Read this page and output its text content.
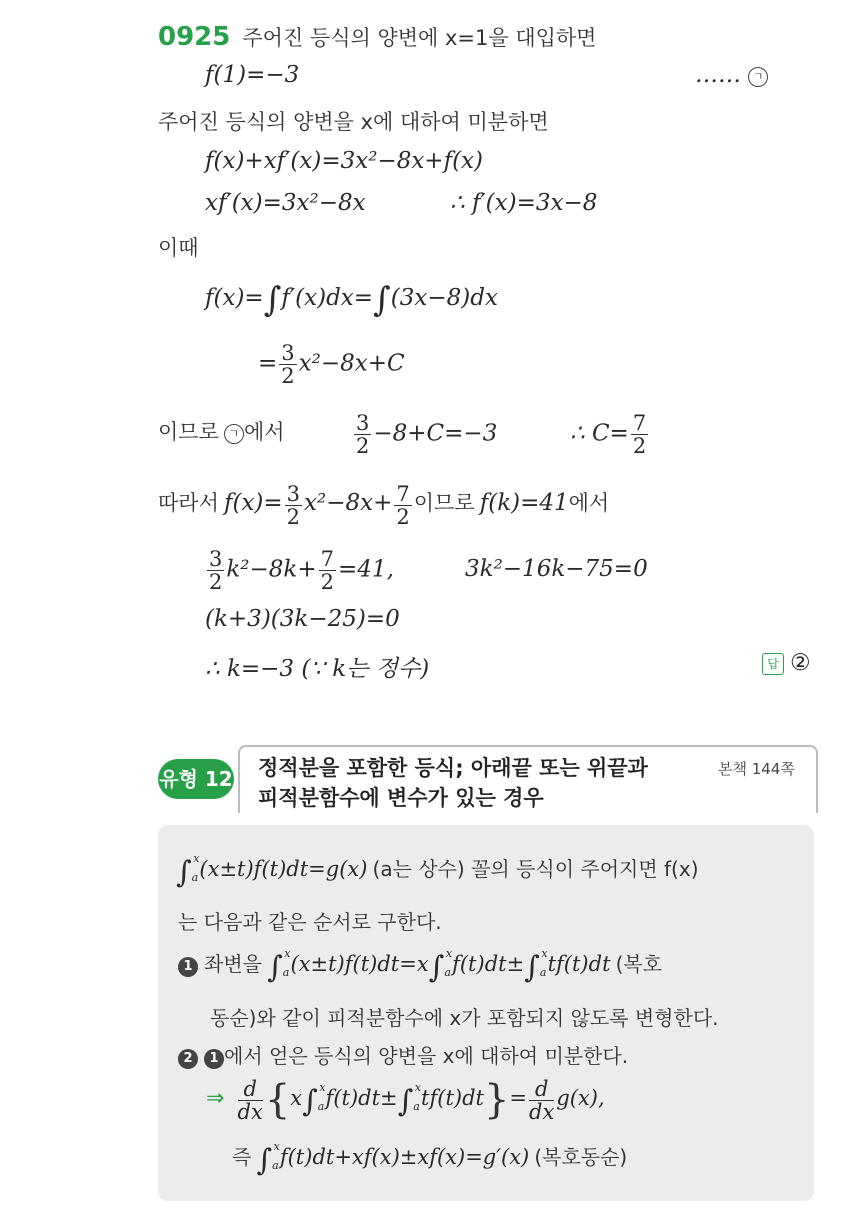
0925 주어진 등식의 양변에 x=1을 대입하면
f(1)=−3	…… ㄱ
주어진 등식의 양변을 x에 대하여 미분하면
f(x)+xf′(x)=3x²−8x+f(x)
xf′(x)=3x²−8x	∴ f′(x)=3x−8
이때
f(x)=∫f′(x)dx=∫(3x−8)dx
= $\frac{3}{2} x^2-8x+C$
이므로 ㄱ 에서	$\frac{3}{2} -8+C=-3$	∴ $C= \frac{7}{2}$
따라서 $f(x)= \frac{3}{2} x^2-8x+ \frac{7}{2}$ 이므로 f(k)=41에서
$\frac{3}{2} k^2-8k+ \frac{7}{2} =41$,	3k²−16k−75=0
(k+3)(3k−25)=0
∴ k=−3 (∵ k는 정수)	답 ②
유형 12 정적분을 포함한 등식; 아래끝 또는 위끝과
피적분함수에 변수가 있는 경우
본책 144쪽
$\int_a^x(x\pm t)f(t)dt=g(x)$ (a는 상수) 꼴의 등식이 주어지면 f(x)
는 다음과 같은 순서로 구한다.
1 좌변을 $\int_a^x(x\pm t)f(t)dt=x\int_a^xf(t)dt\pm\int_a^xtf(t)dt$ (복호
동순)와 같이 피적분함수에 x가 포함되지 않도록 변형한다.
2 1 에서 얻은 등식의 양변을 x에 대하여 미분한다.
⇒ $\frac{d}{dx} \{x\int_a^xf(t)dt\pm\int_a^xtf(t)dt\}= \frac{d}{dx} g(x)$,
즉 $\int_a^xf(t)dt+xf(x)\pm xf(x)=g'(x)$ (복호동순)
